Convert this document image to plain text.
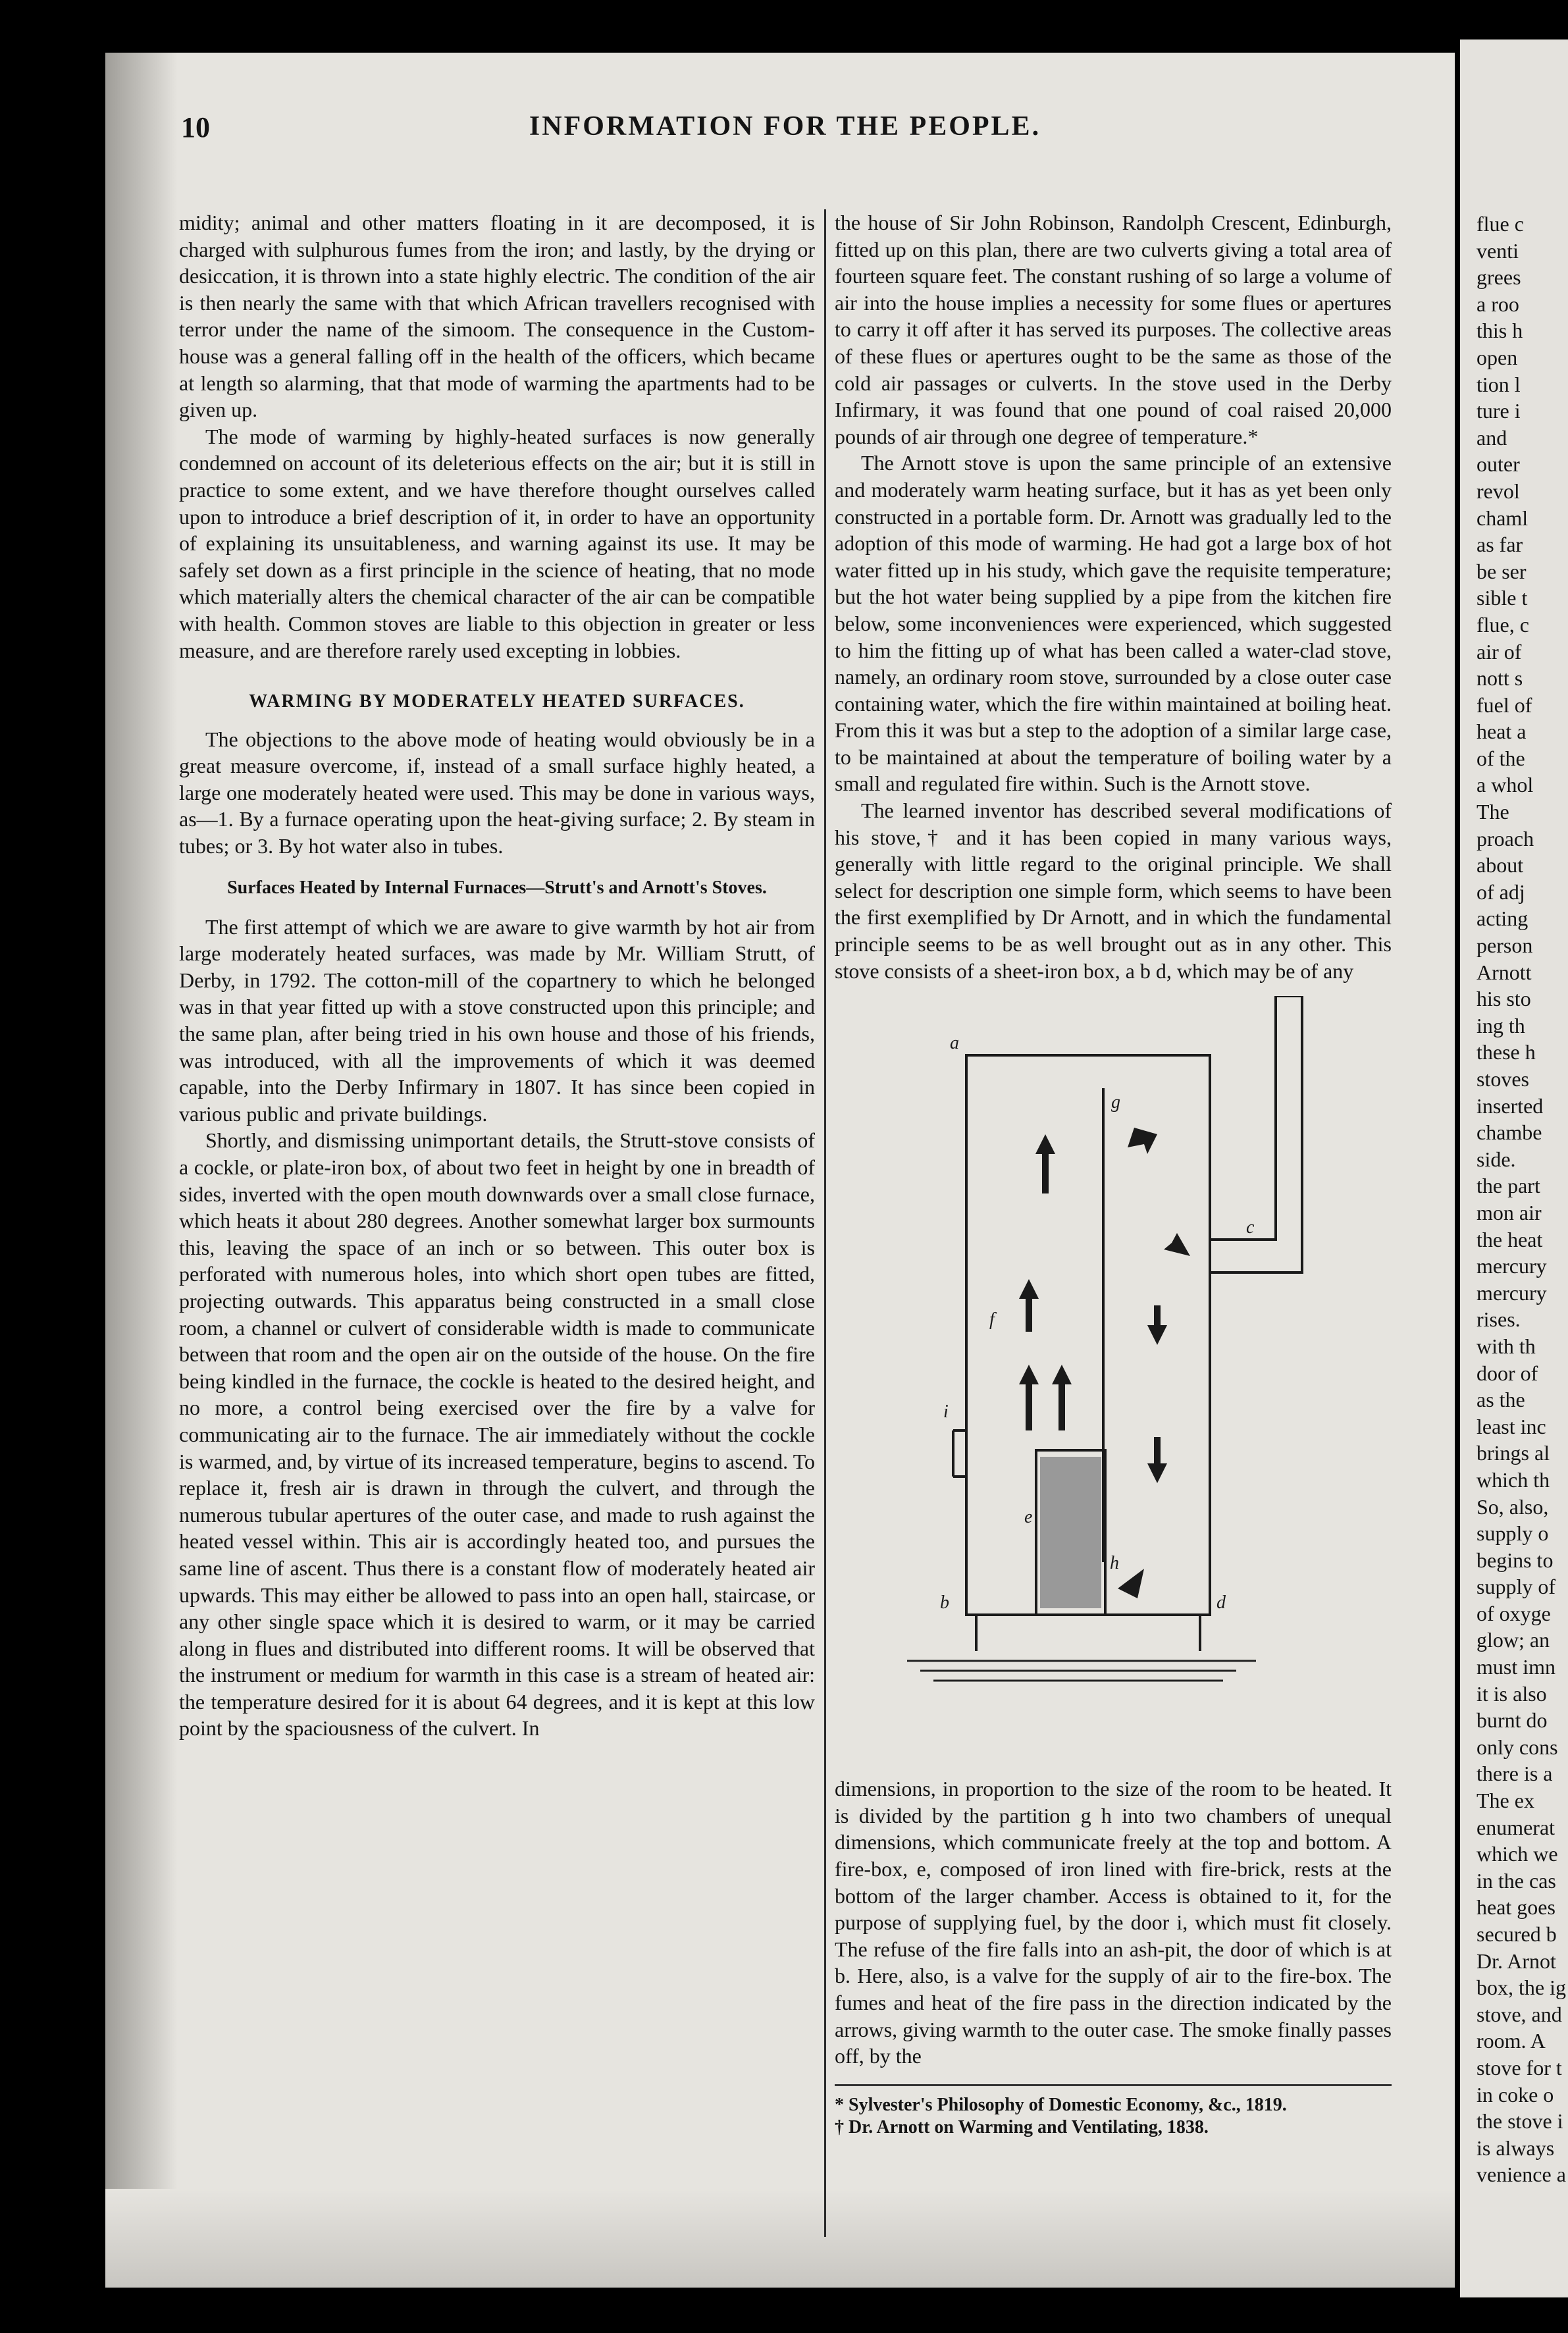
flue c
venti
grees
a roo
this h
open
tion l
ture i
and
outer
revol
chaml
as far
be ser
sible t
flue, c
air of
nott s
fuel of
heat a
of the
a whol
The
proach
about
of adj
acting
person
Arnott
his sto
ing th
these h
stoves
inserted
chambe
side.
the part
mon air
the heat
mercury
mercury
rises.
with th
door of
as the
least inc
brings al
which th
So, also,
supply o
begins to
supply of
of oxyge
glow; an
must imn
it is also
burnt do
only cons
there is a
The ex
enumerat
which we
in the cas
heat goes
secured b
Dr. Arnot
box, the ig
stove, and
room. A
stove for t
in coke o
the stove i
is always
venience a
10	INFORMATION FOR THE PEOPLE.

midity; animal and other matters floating in it are decomposed, it is charged with sulphurous fumes from the iron; and lastly, by the drying or desiccation, it is thrown into a state highly electric. The condition of the air is then nearly the same with that which African travellers recognised with terror under the name of the simoom. The consequence in the Custom-house was a general falling off in the health of the officers, which became at length so alarming, that that mode of warming the apartments had to be given up.

The mode of warming by highly-heated surfaces is now generally condemned on account of its deleterious effects on the air; but it is still in practice to some extent, and we have therefore thought ourselves called upon to introduce a brief description of it, in order to have an opportunity of explaining its unsuitableness, and warning against its use. It may be safely set down as a first principle in the science of heating, that no mode which materially alters the chemical character of the air can be compatible with health. Common stoves are liable to this objection in greater or less measure, and are therefore rarely used excepting in lobbies.

WARMING BY MODERATELY HEATED SURFACES.

The objections to the above mode of heating would obviously be in a great measure overcome, if, instead of a small surface highly heated, a large one moderately heated were used. This may be done in various ways, as—1. By a furnace operating upon the heat-giving surface; 2. By steam in tubes; or 3. By hot water also in tubes.

Surfaces Heated by Internal Furnaces—Strutt's and Arnott's Stoves.

The first attempt of which we are aware to give warmth by hot air from large moderately heated surfaces, was made by Mr. William Strutt, of Derby, in 1792. The cotton-mill of the copartnery to which he belonged was in that year fitted up with a stove constructed upon this principle; and the same plan, after being tried in his own house and those of his friends, was introduced, with all the improvements of which it was deemed capable, into the Derby Infirmary in 1807. It has since been copied in various public and private buildings.

Shortly, and dismissing unimportant details, the Strutt-stove consists of a cockle, or plate-iron box, of about two feet in height by one in breadth of sides, inverted with the open mouth downwards over a small close furnace, which heats it about 280 degrees. Another somewhat larger box surmounts this, leaving the space of an inch or so between. This outer box is perforated with numerous holes, into which short open tubes are fitted, projecting outwards. This apparatus being constructed in a small close room, a channel or culvert of considerable width is made to communicate between that room and the open air on the outside of the house. On the fire being kindled in the furnace, the cockle is heated to the desired height, and no more, a control being exercised over the fire by a valve for communicating air to the furnace. The air immediately without the cockle is warmed, and, by virtue of its increased temperature, begins to ascend. To replace it, fresh air is drawn in through the culvert, and through the numerous tubular apertures of the outer case, and made to rush against the heated vessel within. This air is accordingly heated too, and pursues the same line of ascent. Thus there is a constant flow of moderately heated air upwards. This may either be allowed to pass into an open hall, staircase, or any other single space which it is desired to warm, or it may be carried along in flues and distributed into different rooms. It will be observed that the instrument or medium for warmth in this case is a stream of heated air: the temperature desired for it is about 64 degrees, and it is kept at this low point by the spaciousness of the culvert. In

the house of Sir John Robinson, Randolph Crescent, Edinburgh, fitted up on this plan, there are two culverts giving a total area of fourteen square feet. The constant rushing of so large a volume of air into the house implies a necessity for some flues or apertures to carry it off after it has served its purposes. The collective areas of these flues or apertures ought to be the same as those of the cold air passages or culverts. In the stove used in the Derby Infirmary, it was found that one pound of coal raised 20,000 pounds of air through one degree of temperature.*

The Arnott stove is upon the same principle of an extensive and moderately warm heating surface, but it has as yet been only constructed in a portable form. Dr. Arnott was gradually led to the adoption of this mode of warming. He had got a large box of hot water fitted up in his study, which gave the requisite temperature; but the hot water being supplied by a pipe from the kitchen fire below, some inconveniences were experienced, which suggested to him the fitting up of what has been called a water-clad stove, namely, an ordinary room stove, surrounded by a close outer case containing water, which the fire within maintained at boiling heat. From this it was but a step to the adoption of a similar large case, to be maintained at about the temperature of boiling water by a small and regulated fire within. Such is the Arnott stove.

The learned inventor has described several modifications of his stove,† and it has been copied in many various ways, generally with little regard to the original principle. We shall select for description one simple form, which seems to have been the first exemplified by Dr Arnott, and in which the fundamental principle seems to be as well brought out as in any other. This stove consists of a sheet-iron box, a b d, which may be of any

a
b
c
d
e
f
g
h
i

dimensions, in proportion to the size of the room to be heated. It is divided by the partition g h into two chambers of unequal dimensions, which communicate freely at the top and bottom. A fire-box, e, composed of iron lined with fire-brick, rests at the bottom of the larger chamber. Access is obtained to it, for the purpose of supplying fuel, by the door i, which must fit closely. The refuse of the fire falls into an ash-pit, the door of which is at b. Here, also, is a valve for the supply of air to the fire-box. The fumes and heat of the fire pass in the direction indicated by the arrows, giving warmth to the outer case. The smoke finally passes off, by the

* Sylvester's Philosophy of Domestic Economy, &c., 1819.
† Dr. Arnott on Warming and Ventilating, 1838.
